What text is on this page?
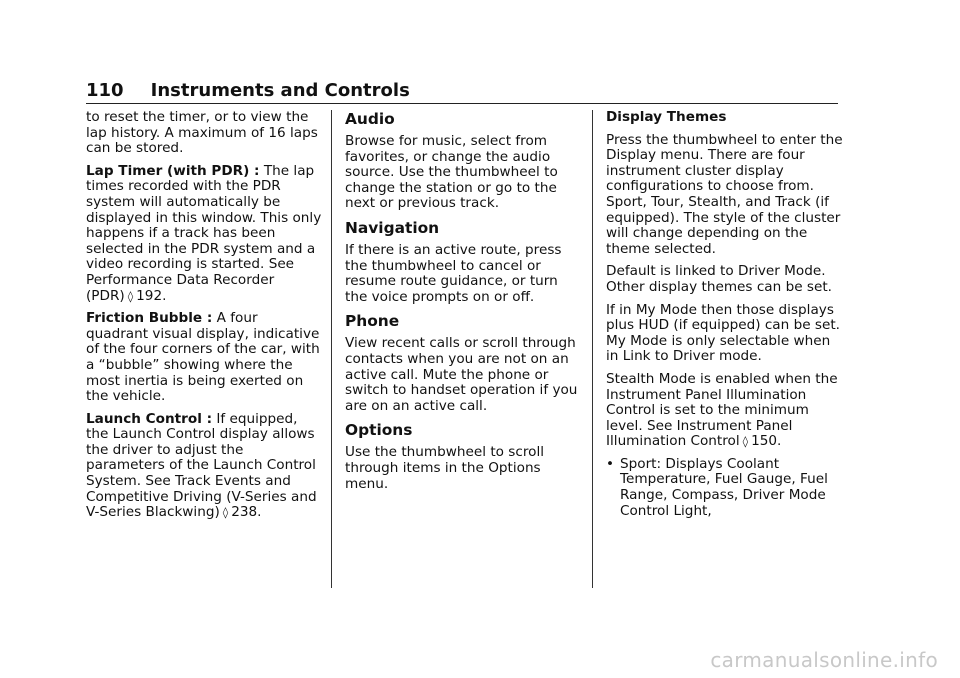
110 Instruments and Controls

to reset the timer, or to view the lap history. A maximum of 16 laps can be stored.

Lap Timer (with PDR) : The lap times recorded with the PDR system will automatically be displayed in this window. This only happens if a track has been selected in the PDR system and a video recording is started. See Performance Data Recorder (PDR) ◊ 192.

Friction Bubble : A four quadrant visual display, indicative of the four corners of the car, with a “bubble” showing where the most inertia is being exerted on the vehicle.

Launch Control : If equipped, the Launch Control display allows the driver to adjust the parameters of the Launch Control System. See Track Events and Competitive Driving (V-Series and V-Series Blackwing) ◊ 238.

Audio

Browse for music, select from favorites, or change the audio source. Use the thumbwheel to change the station or go to the next or previous track.

Navigation

If there is an active route, press the thumbwheel to cancel or resume route guidance, or turn the voice prompts on or off.

Phone

View recent calls or scroll through contacts when you are not on an active call. Mute the phone or switch to handset operation if you are on an active call.

Options

Use the thumbwheel to scroll through items in the Options menu.

Display Themes

Press the thumbwheel to enter the Display menu. There are four instrument cluster display configurations to choose from. Sport, Tour, Stealth, and Track (if equipped). The style of the cluster will change depending on the theme selected.

Default is linked to Driver Mode. Other display themes can be set.

If in My Mode then those displays plus HUD (if equipped) can be set. My Mode is only selectable when in Link to Driver mode.

Stealth Mode is enabled when the Instrument Panel Illumination Control is set to the minimum level. See Instrument Panel Illumination Control ◊ 150.

• Sport: Displays Coolant Temperature, Fuel Gauge, Fuel Range, Compass, Driver Mode Control Light,
carmanualsonline.info
